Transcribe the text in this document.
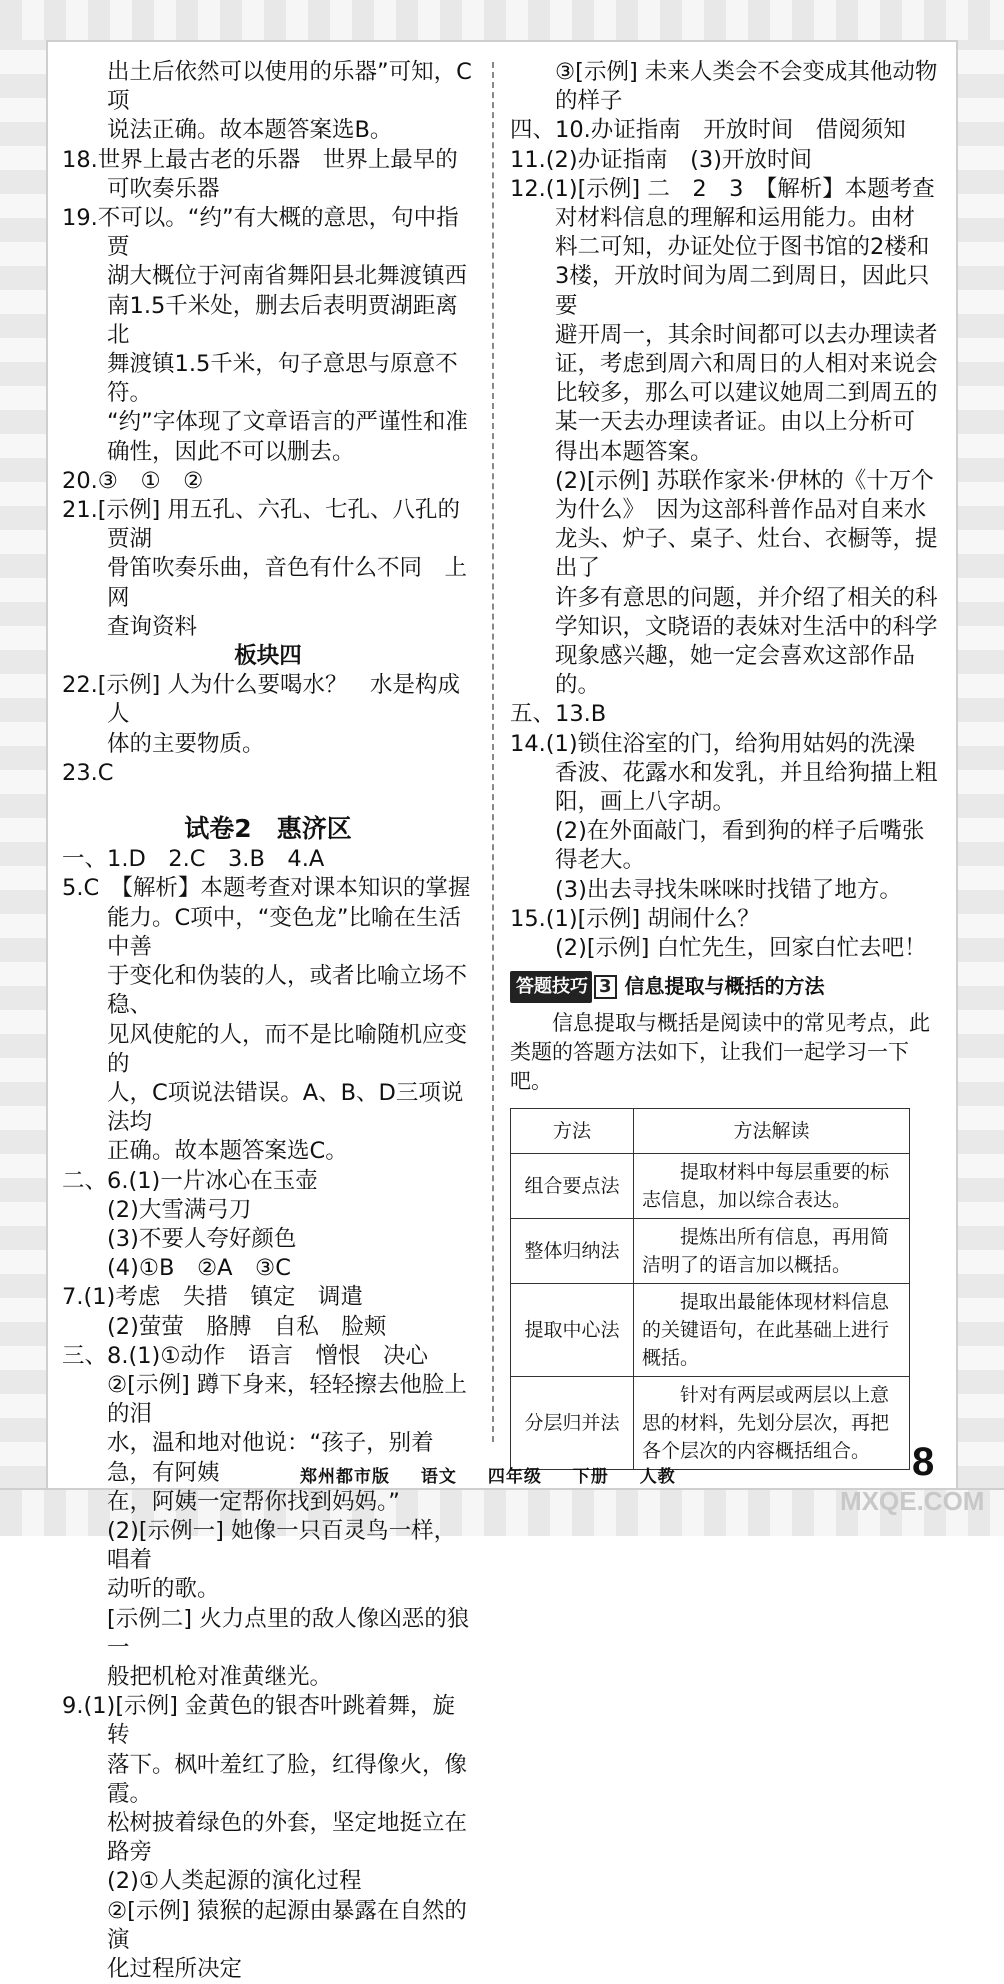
出土后依然可以使用的乐器”可知，C项

说法正确。故本题答案选B。

18.世界上最古老的乐器　世界上最早的

可吹奏乐器

19.不可以。“约”有大概的意思，句中指贾

湖大概位于河南省舞阳县北舞渡镇西

南1.5千米处，删去后表明贾湖距离北

舞渡镇1.5千米，句子意思与原意不符。

“约”字体现了文章语言的严谨性和准

确性，因此不可以删去。

20.③　①　②

21.[示例] 用五孔、六孔、七孔、八孔的贾湖

骨笛吹奏乐曲，音色有什么不同　上网

查询资料

板块四

22.[示例] 人为什么要喝水？　水是构成人

体的主要物质。

23.C

试卷2　惠济区

一、1.D　2.C　3.B　4.A

5.C　【解析】本题考查对课本知识的掌握

能力。C项中，“变色龙”比喻在生活中善

于变化和伪装的人，或者比喻立场不稳、

见风使舵的人，而不是比喻随机应变的

人，C项说法错误。A、B、D三项说法均

正确。故本题答案选C。

二、6.(1)一片冰心在玉壶

(2)大雪满弓刀

(3)不要人夸好颜色

(4)①B　②A　③C

7.(1)考虑　失措　镇定　调遣

(2)萤萤　胳膊　自私　脸颊

三、8.(1)①动作　语言　憎恨　决心

②[示例] 蹲下身来，轻轻擦去他脸上的泪

水，温和地对他说：“孩子，别着急，有阿姨

在，阿姨一定帮你找到妈妈。”

(2)[示例一] 她像一只百灵鸟一样，唱着

动听的歌。

[示例二] 火力点里的敌人像凶恶的狼一

般把机枪对准黄继光。

9.(1)[示例] 金黄色的银杏叶跳着舞，旋转

落下。枫叶羞红了脸，红得像火，像霞。

松树披着绿色的外套，坚定地挺立在路旁

(2)①人类起源的演化过程

②[示例] 猿猴的起源由暴露在自然的演

化过程所决定

③[示例] 未来人类会不会变成其他动物

的样子

四、10.办证指南　开放时间　借阅须知

11.(2)办证指南　(3)开放时间

12.(1)[示例] 二　2　3　【解析】本题考查

对材料信息的理解和运用能力。由材

料二可知，办证处位于图书馆的2楼和

3楼，开放时间为周二到周日，因此只要

避开周一，其余时间都可以去办理读者

证，考虑到周六和周日的人相对来说会

比较多，那么可以建议她周二到周五的

某一天去办理读者证。由以上分析可

得出本题答案。

(2)[示例] 苏联作家米·伊林的《十万个

为什么》　因为这部科普作品对自来水

龙头、炉子、桌子、灶台、衣橱等，提出了

许多有意思的问题，并介绍了相关的科

学知识，文晓语的表妹对生活中的科学

现象感兴趣，她一定会喜欢这部作品的。

五、13.B

14.(1)锁住浴室的门，给狗用姑妈的洗澡

香波、花露水和发乳，并且给狗描上粗

阳，画上八字胡。

(2)在外面敲门，看到狗的样子后嘴张

得老大。

(3)出去寻找朱咪咪时找错了地方。

15.(1)[示例] 胡闹什么？

(2)[示例] 白忙先生，回家白忙去吧！

答题技巧 3 信息提取与概括的方法

信息提取与概括是阅读中的常见考点，此类题的答题方法如下，让我们一起学习一下吧。

方法	方法解读
组合要点法	提取材料中每层重要的标志信息，加以综合表达。
整体归纳法	提炼出所有信息，再用简洁明了的语言加以概括。
提取中心法	提取出最能体现材料信息的关键语句，在此基础上进行概括。
分层归并法	针对有两层或两层以上意思的材料，先划分层次，再把各个层次的内容概括组合。
郑州都市版 语文 四年级 下册 人教	8
MXQE.COM
